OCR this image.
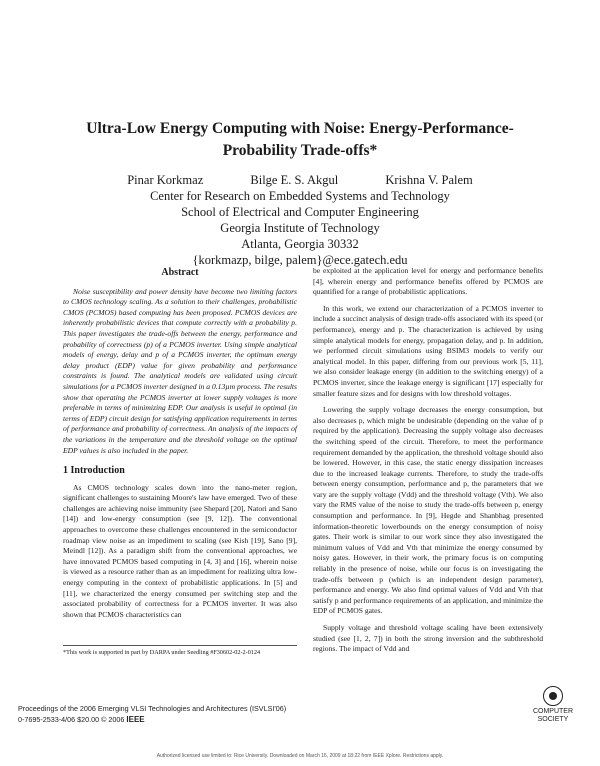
Ultra-Low Energy Computing with Noise: Energy-Performance-Probability Trade-offs*
Pinar Korkmaz	Bilge E. S. Akgul	Krishna V. Palem
Center for Research on Embedded Systems and Technology
School of Electrical and Computer Engineering
Georgia Institute of Technology
Atlanta, Georgia 30332
{korkmazp, bilge, palem}@ece.gatech.edu
Abstract

Noise susceptibility and power density have become two limiting factors to CMOS technology scaling. As a solution to their challenges, probabilistic CMOS (PCMOS) based computing has been proposed. PCMOS devices are inherently probabilistic devices that compute correctly with a probability p. This paper investigates the trade-offs between the energy, performance and probability of correctness (p) of a PCMOS inverter. Using simple analytical models of energy, delay and p of a PCMOS inverter, the optimum energy delay product (EDP) value for given probability and performance constraints is found. The analytical models are validated using circuit simulations for a PCMOS inverter designed in a 0.13µm process. The results show that operating the PCMOS inverter at lower supply voltages is more preferable in terms of minimizing EDP. Our analysis is useful in optimal (in terms of EDP) circuit design for satisfying application requirements in terms of performance and probability of correctness. An analysis of the impacts of the variations in the temperature and the threshold voltage on the optimal EDP values is also included in the paper.

1 Introduction

As CMOS technology scales down into the nano-meter region, significant challenges to sustaining Moore's law have emerged. Two of these challenges are achieving noise immunity (see Shepard [20], Natori and Sano [14]) and low-energy consumption (see [9, 12]). The conventional approaches to overcome these challenges encountered in the semiconductor roadmap view noise as an impediment to scaling (see Kish [19], Sano [9], Meindl [12]). As a paradigm shift from the conventional approaches, we have innovated PCMOS based computing in [4, 3] and [16], wherein noise is viewed as a resource rather than as an impediment for realizing ultra low-energy computing in the context of probabilistic applications. In [5] and [11], we characterized the energy consumed per switching step and the associated probability of correctness for a PCMOS inverter. It was also shown that PCMOS characteristics can

*This work is supported in part by DARPA under Seedling #F30602-02-2-0124

be exploited at the application level for energy and performance benefits [4], wherein energy and performance benefits offered by PCMOS are quantified for a range of probabilistic applications.

In this work, we extend our characterization of a PCMOS inverter to include a succinct analysis of design trade-offs associated with its speed (or performance), energy and p. The characterization is achieved by using simple analytical models for energy, propagation delay, and p. In addition, we performed circuit simulations using BSIM3 models to verify our analytical model. In this paper, differing from our previous work [5, 11], we also consider leakage energy (in addition to the switching energy) of a PCMOS inverter, since the leakage energy is significant [17] especially for smaller feature sizes and for designs with low threshold voltages.

Lowering the supply voltage decreases the energy consumption, but also decreases p, which might be undesirable (depending on the value of p required by the application). Decreasing the supply voltage also decreases the switching speed of the circuit. Therefore, to meet the performance requirement demanded by the application, the threshold voltage should also be lowered. However, in this case, the static energy dissipation increases due to the increased leakage currents. Therefore, to study the trade-offs between energy consumption, performance and p, the parameters that we vary are the supply voltage (Vdd) and the threshold voltage (Vth). We also vary the RMS value of the noise to study the trade-offs between p, energy consumption and performance. In [9], Hegde and Shanbhag presented information-theoretic lowerbounds on the energy consumption of noisy gates. Their work is similar to our work since they also investigated the minimum values of Vdd and Vth that minimize the energy consumed by noisy gates. However, in their work, the primary focus is on computing reliably in the presence of noise, while our focus is on investigating the trade-offs between p (which is an independent design parameter), performance and energy. We also find optimal values of Vdd and Vth that satisfy p and performance requirements of an application, and minimize the EDP of PCMOS gates.

Supply voltage and threshold voltage scaling have been extensively studied (see [1, 2, 7]) in both the strong inversion and the subthreshold regions. The impact of Vdd and

Proceedings of the 2006 Emerging VLSI Technologies and Architectures (ISVLSI'06)
0-7695-2533-4/06 $20.00 © 2006 IEEE
COMPUTER
SOCIETY
Authorized licensed use limited to: Rice University. Downloaded on March 16, 2009 at 18:22 from IEEE Xplore. Restrictions apply.
